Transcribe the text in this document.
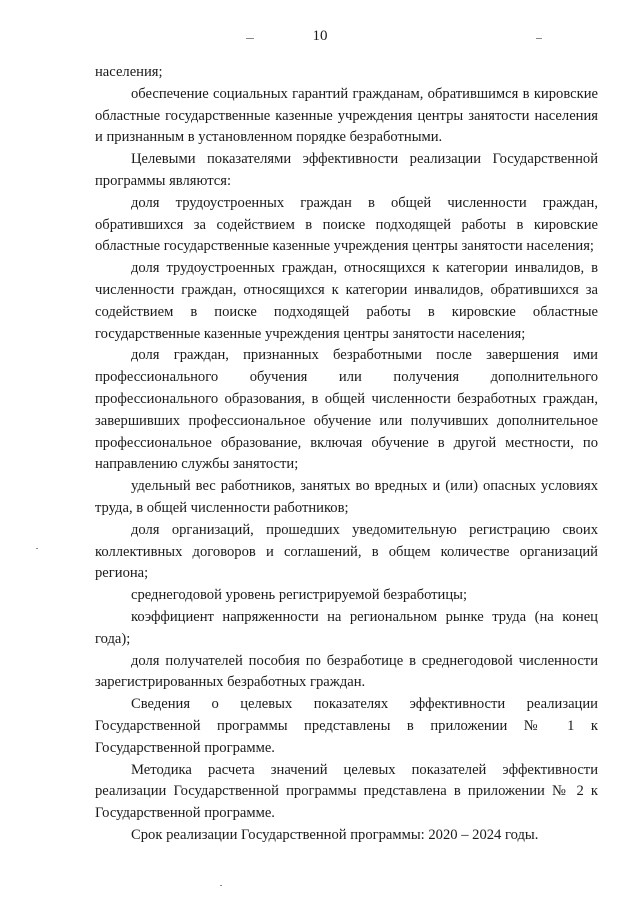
10

населения;

обеспечение социальных гарантий гражданам, обратившимся в кировские областные государственные казенные учреждения центры занятости населения и признанным в установленном порядке безработными.

Целевыми показателями эффективности реализации Государственной программы являются:

доля трудоустроенных граждан в общей численности граждан, обратившихся за содействием в поиске подходящей работы в кировские областные государственные казенные учреждения центры занятости населения;

доля трудоустроенных граждан, относящихся к категории инвалидов, в численности граждан, относящихся к категории инвалидов, обратившихся за содействием в поиске подходящей работы в кировские областные государственные казенные учреждения центры занятости населения;

доля граждан, признанных безработными после завершения ими профессионального обучения или получения дополнительного профессионального образования, в общей численности безработных граждан, завершивших профессиональное обучение или получивших дополнительное профессиональное образование, включая обучение в другой местности, по направлению службы занятости;

удельный вес работников, занятых во вредных и (или) опасных условиях труда, в общей численности работников;

доля организаций, прошедших уведомительную регистрацию своих коллективных договоров и соглашений, в общем количестве организаций региона;

среднегодовой уровень регистрируемой безработицы;

коэффициент напряженности на региональном рынке труда (на конец года);

доля получателей пособия по безработице в среднегодовой численности зарегистрированных безработных граждан.

Сведения о целевых показателях эффективности реализации Государственной программы представлены в приложении № 1 к Государственной программе.

Методика расчета значений целевых показателей эффективности реализации Государственной программы представлена в приложении № 2 к Государственной программе.

Срок реализации Государственной программы: 2020 – 2024 годы.
